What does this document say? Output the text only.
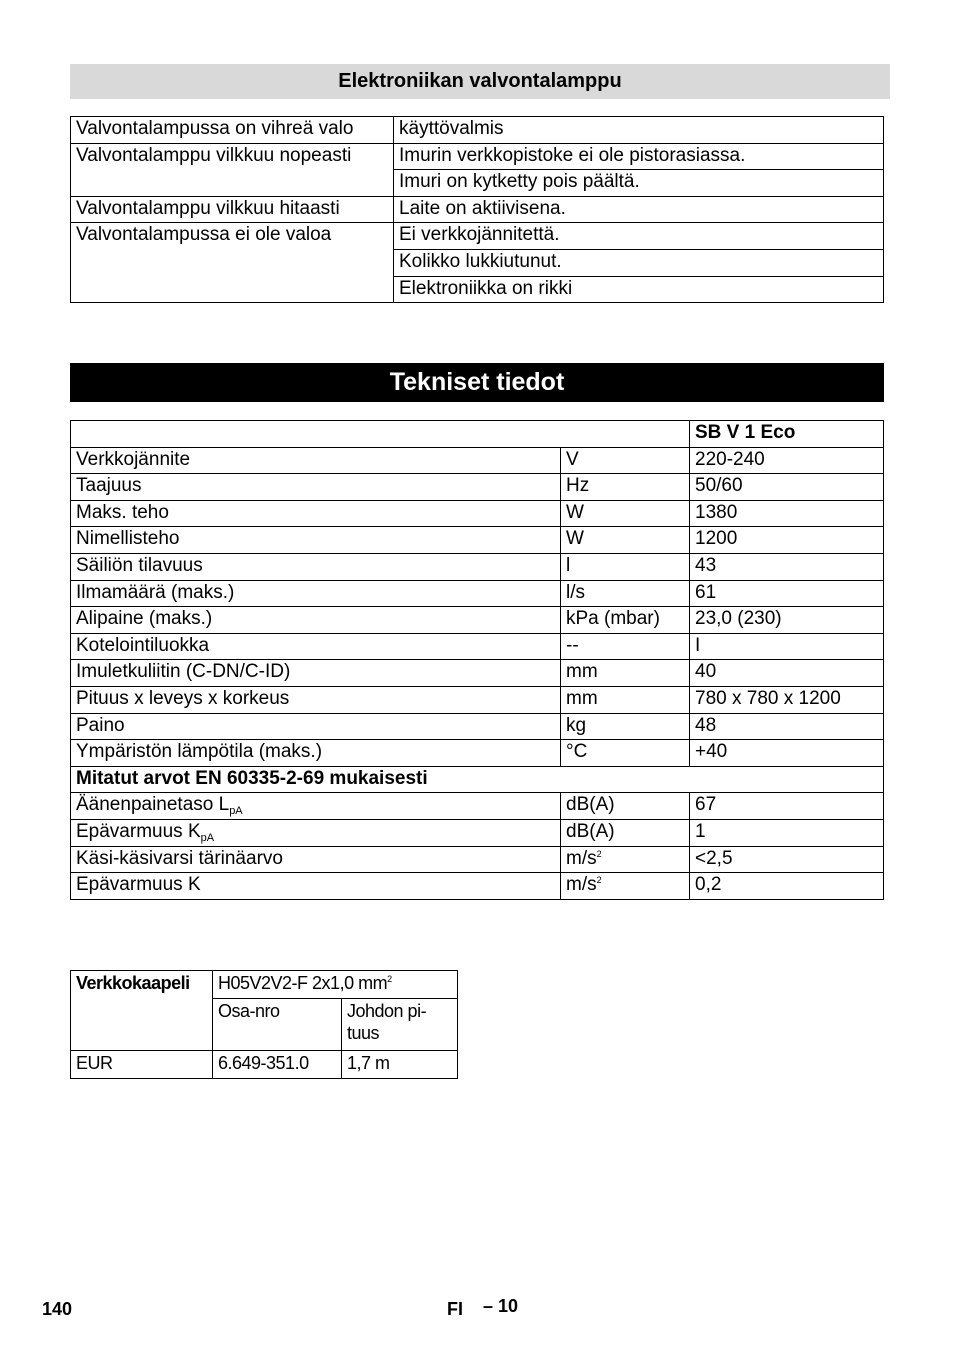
Elektroniikan valvontalamppu
Valvontalampussa on vihreä valo	käyttövalmis
Valvontalamppu vilkkuu nopeasti	Imurin verkkopistoke ei ole pistorasiassa.
	Imuri on kytketty pois päältä.
Valvontalamppu vilkkuu hitaasti	Laite on aktiivisena.
Valvontalampussa ei ole valoa	Ei verkkojännitettä.
	Kolikko lukkiutunut.
	Elektroniikka on rikki
Tekniset tiedot
		SB V 1 Eco
Verkkojännite	V	220-240
Taajuus	Hz	50/60
Maks. teho	W	1380
Nimellisteho	W	1200
Säiliön tilavuus	l	43
Ilmamäärä (maks.)	l/s	61
Alipaine (maks.)	kPa (mbar)	23,0 (230)
Kotelointiluokka	--	I
Imuletkuliitin (C-DN/C-ID)	mm	40
Pituus x leveys x korkeus	mm	780 x 780 x 1200
Paino	kg	48
Ympäristön lämpötila (maks.)	°C	+40
Mitatut arvot EN 60335-2-69 mukaisesti		
Äänenpainetaso $L_{pA}$	dB(A)	67
Epävarmuus $K_{pA}$	dB(A)	1
Käsi-käsivarsi tärinäarvo	$m/s^2$	<2,5
Epävarmuus K	$m/s^2$	0,2
Verkkokaapeli	H05V2V2-F 2x1,0 $mm^2$
	Osa-nro	Johdon pi-
tuus
EUR	6.649-351.0	1,7 m
140	FI – 10
